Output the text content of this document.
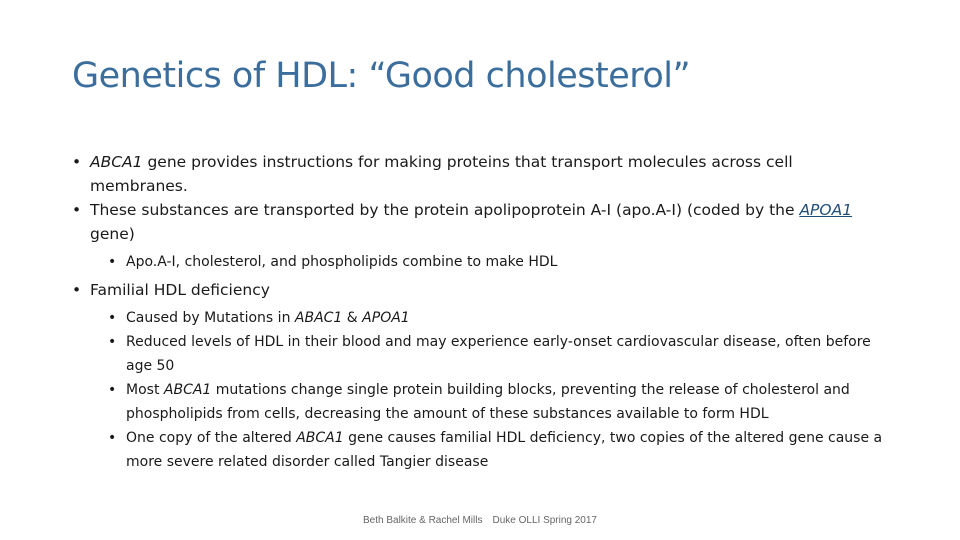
Genetics of HDL: “Good cholesterol”
• ABCA1 gene provides instructions for making proteins that transport molecules across cell membranes.
• These substances are transported by the protein apolipoprotein A-I (apo.A-I) (coded by the APOA1 gene)
• Apo.A-I, cholesterol, and phospholipids combine to make HDL
• Familial HDL deficiency
• Caused by Mutations in ABAC1 & APOA1
• Reduced levels of HDL in their blood and may experience early-onset cardiovascular disease, often before age 50
• Most ABCA1 mutations change single protein building blocks, preventing the release of cholesterol and phospholipids from cells, decreasing the amount of these substances available to form HDL
• One copy of the altered ABCA1 gene causes familial HDL deficiency, two copies of the altered gene cause a more severe related disorder called Tangier disease
Beth Balkite & Rachel Mills Duke OLLI Spring 2017
